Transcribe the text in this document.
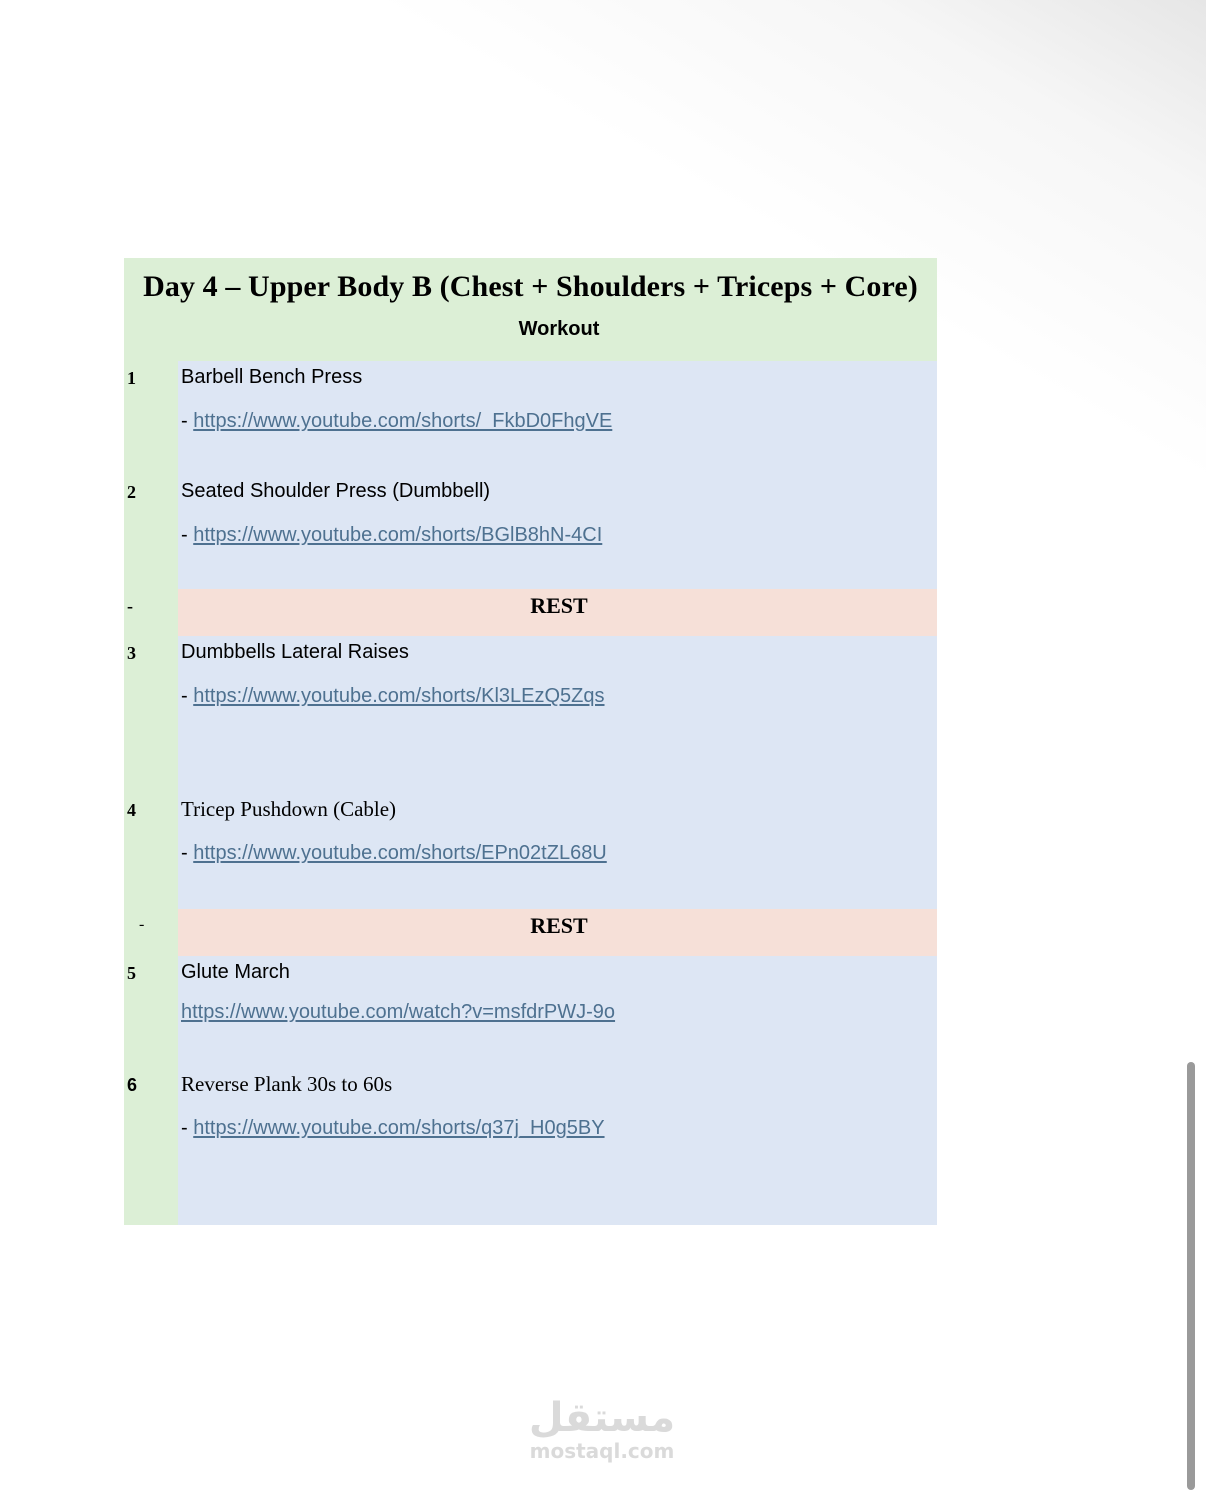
Day 4 – Upper Body B (Chest + Shoulders + Triceps + Core)
Workout
1	Barbell Bench Press
- https://www.youtube.com/shorts/_FkbD0FhgVE
2	Seated Shoulder Press (Dumbbell)
- https://www.youtube.com/shorts/BGlB8hN-4CI
-	REST
3	Dumbbells Lateral Raises
- https://www.youtube.com/shorts/Kl3LEzQ5Zqs
4	Tricep Pushdown (Cable)
- https://www.youtube.com/shorts/EPn02tZL68U
-	REST
5	Glute March
https://www.youtube.com/watch?v=msfdrPWJ-9o
6	Reverse Plank 30s to 60s
- https://www.youtube.com/shorts/q37j_H0g5BY
مستقل
mostaql.com
